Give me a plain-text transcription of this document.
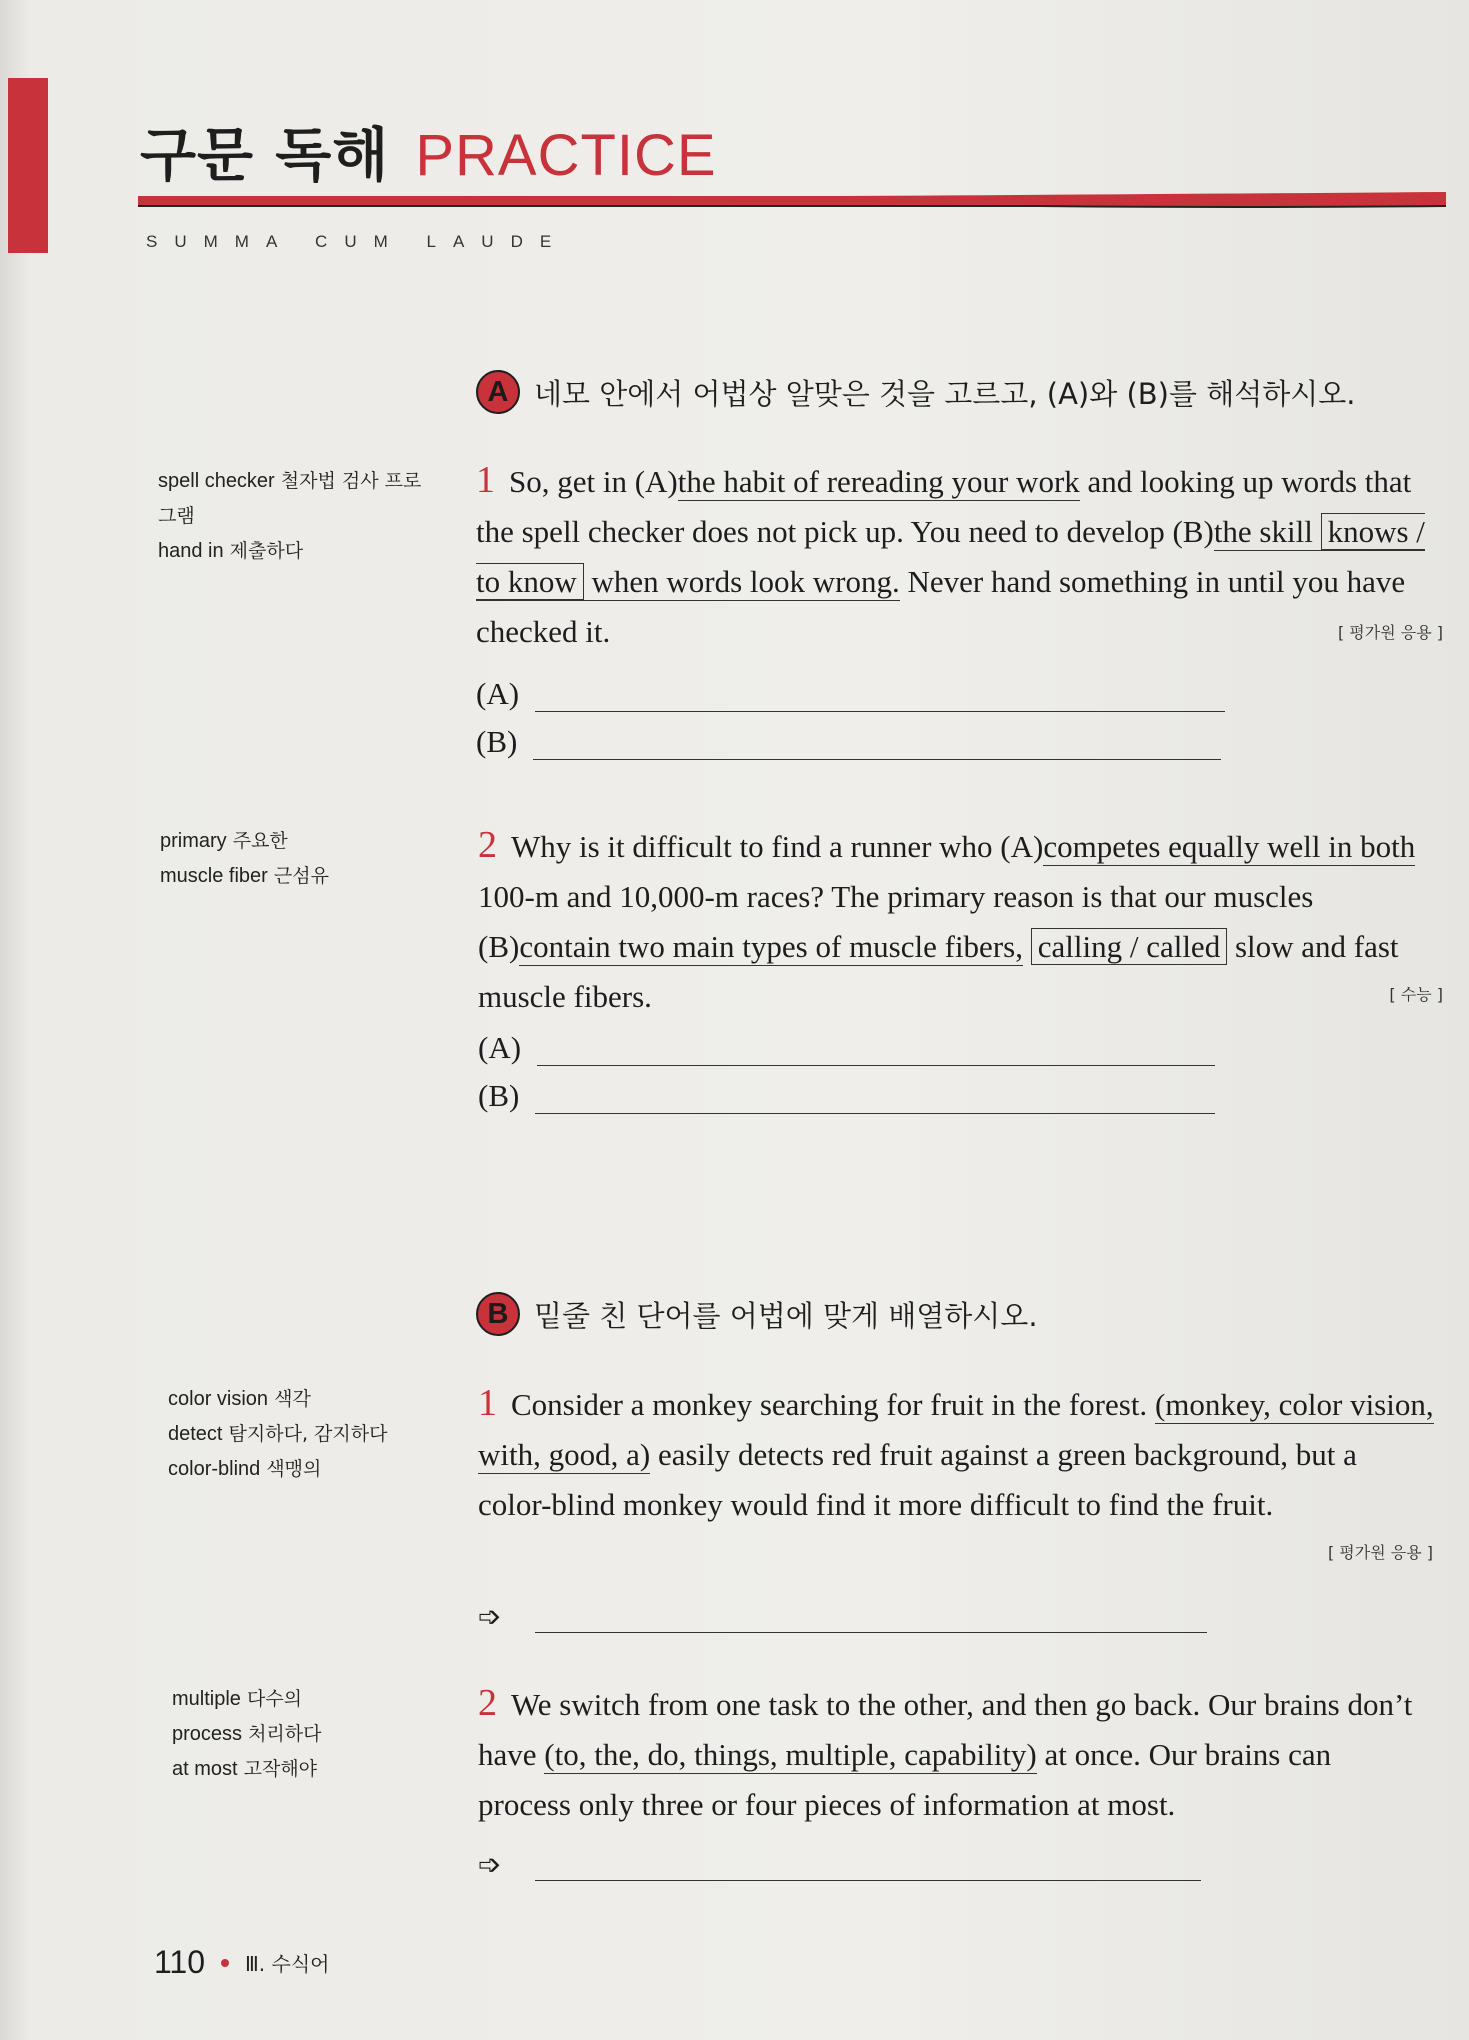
구문 독해 PRACTICE
SUMMA CUM LAUDE
A 네모 안에서 어법상 알맞은 것을 고르고, (A)와 (B)를 해석하시오.
spell checker 철자법 검사 프로그램
hand in 제출하다
1 So, get in (A)the habit of rereading your work and looking up words that the spell checker does not pick up. You need to develop (B)the skill knows / to know when words look wrong. Never hand something in until you have checked it.	[ 평가원 응용 ]
(A)
(B)
primary 주요한
muscle fiber 근섬유
2 Why is it difficult to find a runner who (A)competes equally well in both 100-m and 10,000-m races? The primary reason is that our muscles (B)contain two main types of muscle fibers, calling / called slow and fast muscle fibers.	[ 수능 ]
(A)
(B)
B 밑줄 친 단어를 어법에 맞게 배열하시오.
color vision 색각
detect 탐지하다, 감지하다
color-blind 색맹의
1 Consider a monkey searching for fruit in the forest. (monkey, color vision, with, good, a) easily detects red fruit against a green background, but a color-blind monkey would find it more difficult to find the fruit.
[ 평가원 응용 ]
➩
multiple 다수의
process 처리하다
at most 고작해야
2 We switch from one task to the other, and then go back. Our brains don’t have (to, the, do, things, multiple, capability) at once. Our brains can process only three or four pieces of information at most.
➩
110 Ⅲ. 수식어
